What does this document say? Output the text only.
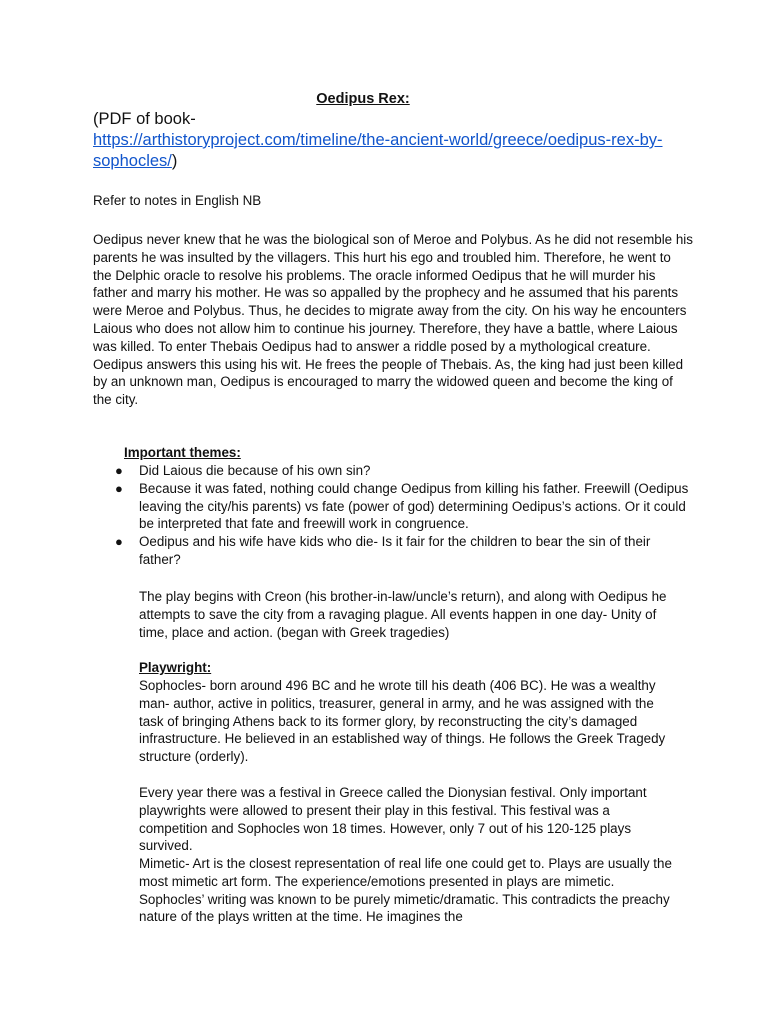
Oedipus Rex:
(PDF of book-
https://arthistoryproject.com/timeline/the-ancient-world/greece/oedipus-rex-by-sophocles/)
Refer to notes in English NB

Oedipus never knew that he was the biological son of Meroe and Polybus. As he did not resemble his parents he was insulted by the villagers. This hurt his ego and troubled him. Therefore, he went to the Delphic oracle to resolve his problems. The oracle informed Oedipus that he will murder his father and marry his mother. He was so appalled by the prophecy and he assumed that his parents were Meroe and Polybus. Thus, he decides to migrate away from the city. On his way he encounters Laious who does not allow him to continue his journey. Therefore, they have a battle, where Laious was killed. To enter Thebais Oedipus had to answer a riddle posed by a mythological creature. Oedipus answers this using his wit. He frees the people of Thebais. As, the king had just been killed by an unknown man, Oedipus is encouraged to marry the widowed queen and become the king of the city.

Important themes:
● Did Laious die because of his own sin?
● Because it was fated, nothing could change Oedipus from killing his father. Freewill (Oedipus leaving the city/his parents) vs fate (power of god) determining Oedipus’s actions. Or it could be interpreted that fate and freewill work in congruence.
● Oedipus and his wife have kids who die- Is it fair for the children to bear the sin of their father?

The play begins with Creon (his brother-in-law/uncle’s return), and along with Oedipus he attempts to save the city from a ravaging plague. All events happen in one day- Unity of time, place and action. (began with Greek tragedies)

Playwright:

Sophocles- born around 496 BC and he wrote till his death (406 BC). He was a wealthy man- author, active in politics, treasurer, general in army, and he was assigned with the task of bringing Athens back to its former glory, by reconstructing the city’s damaged infrastructure. He believed in an established way of things. He follows the Greek Tragedy structure (orderly).

Every year there was a festival in Greece called the Dionysian festival. Only important playwrights were allowed to present their play in this festival. This festival was a competition and Sophocles won 18 times. However, only 7 out of his 120-125 plays survived.

Mimetic- Art is the closest representation of real life one could get to. Plays are usually the most mimetic art form. The experience/emotions presented in plays are mimetic. Sophocles’ writing was known to be purely mimetic/dramatic. This contradicts the preachy nature of the plays written at the time. He imagines the
